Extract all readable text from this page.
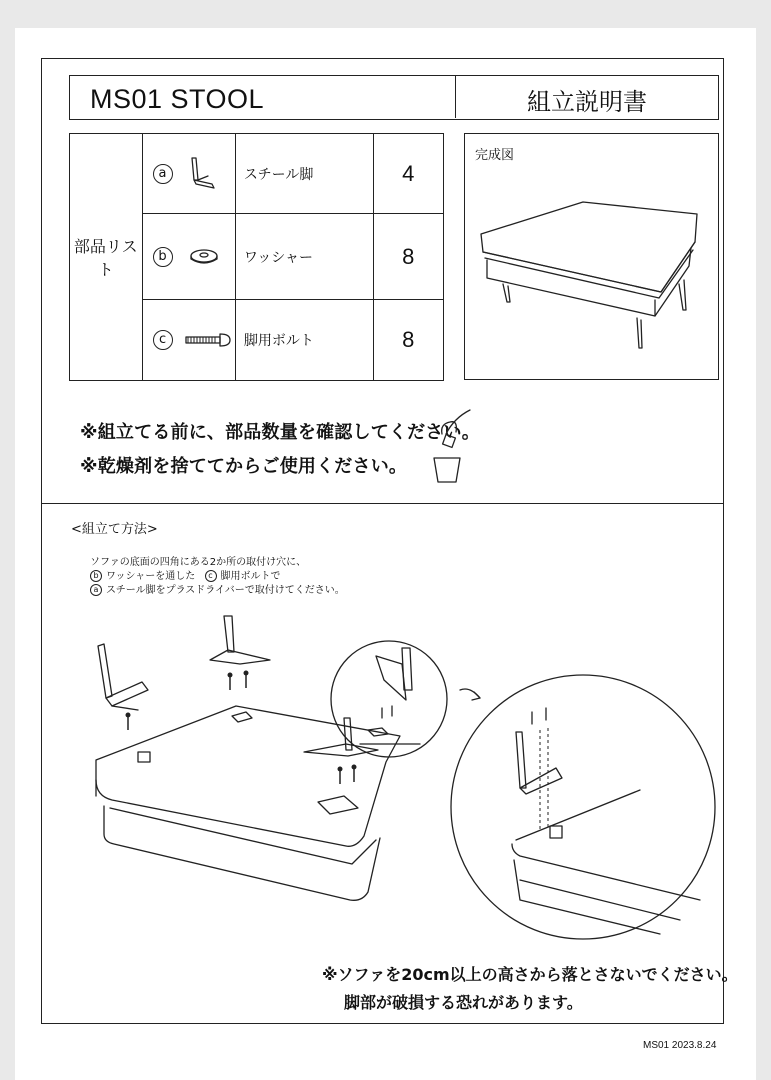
MS01 STOOL	組立説明書
部品リスト	a	スチール脚	4
	b	ワッシャー	8
	c	脚用ボルト	8
完成図
※組立てる前に、部品数量を確認してください。
※乾燥剤を捨ててからご使用ください。
<組立て方法>
ソファの底面の四角にある2か所の取付け穴に、
b ワッシャーを通した c 脚用ボルトで
a スチール脚をプラスドライバーで取付けてください。
※ソファを20cm以上の高さから落とさないでください。
脚部が破損する恐れがあります。
MS01 2023.8.24
